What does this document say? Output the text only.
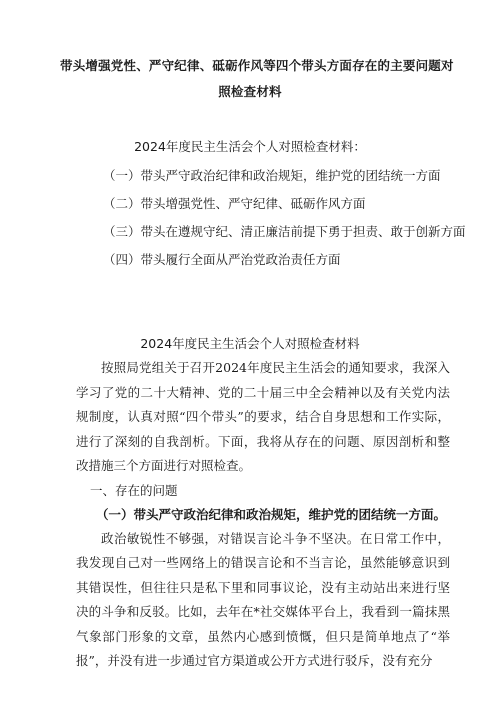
带头增强党性、严守纪律、砥砺作风等四个带头方面存在的主要问题对
照检查材料
2024年度民主生活会个人对照检查材料：
（一）带头严守政治纪律和政治规矩，维护党的团结统一方面
（二）带头增强党性、严守纪律、砥砺作风方面
（三）带头在遵规守纪、清正廉洁前提下勇于担责、敢于创新方面
（四）带头履行全面从严治党政治责任方面
2024年度民主生活会个人对照检查材料

按照局党组关于召开2024年度民主生活会的通知要求，我深入学习了党的二十大精神、党的二十届三中全会精神以及有关党内法规制度，认真对照“四个带头”的要求，结合自身思想和工作实际，进行了深刻的自我剖析。下面，我将从存在的问题、原因剖析和整改措施三个方面进行对照检查。

一、存在的问题

（一）带头严守政治纪律和政治规矩，维护党的团结统一方面。

政治敏锐性不够强，对错误言论斗争不坚决。在日常工作中，我发现自己对一些网络上的错误言论和不当言论，虽然能够意识到其错误性，但往往只是私下里和同事议论，没有主动站出来进行坚决的斗争和反驳。比如，去年在*社交媒体平台上，我看到一篇抹黑气象部门形象的文章，虽然内心感到愤慨，但只是简单地点了“举报”，并没有进一步通过官方渠道或公开方式进行驳斥，没有充分
